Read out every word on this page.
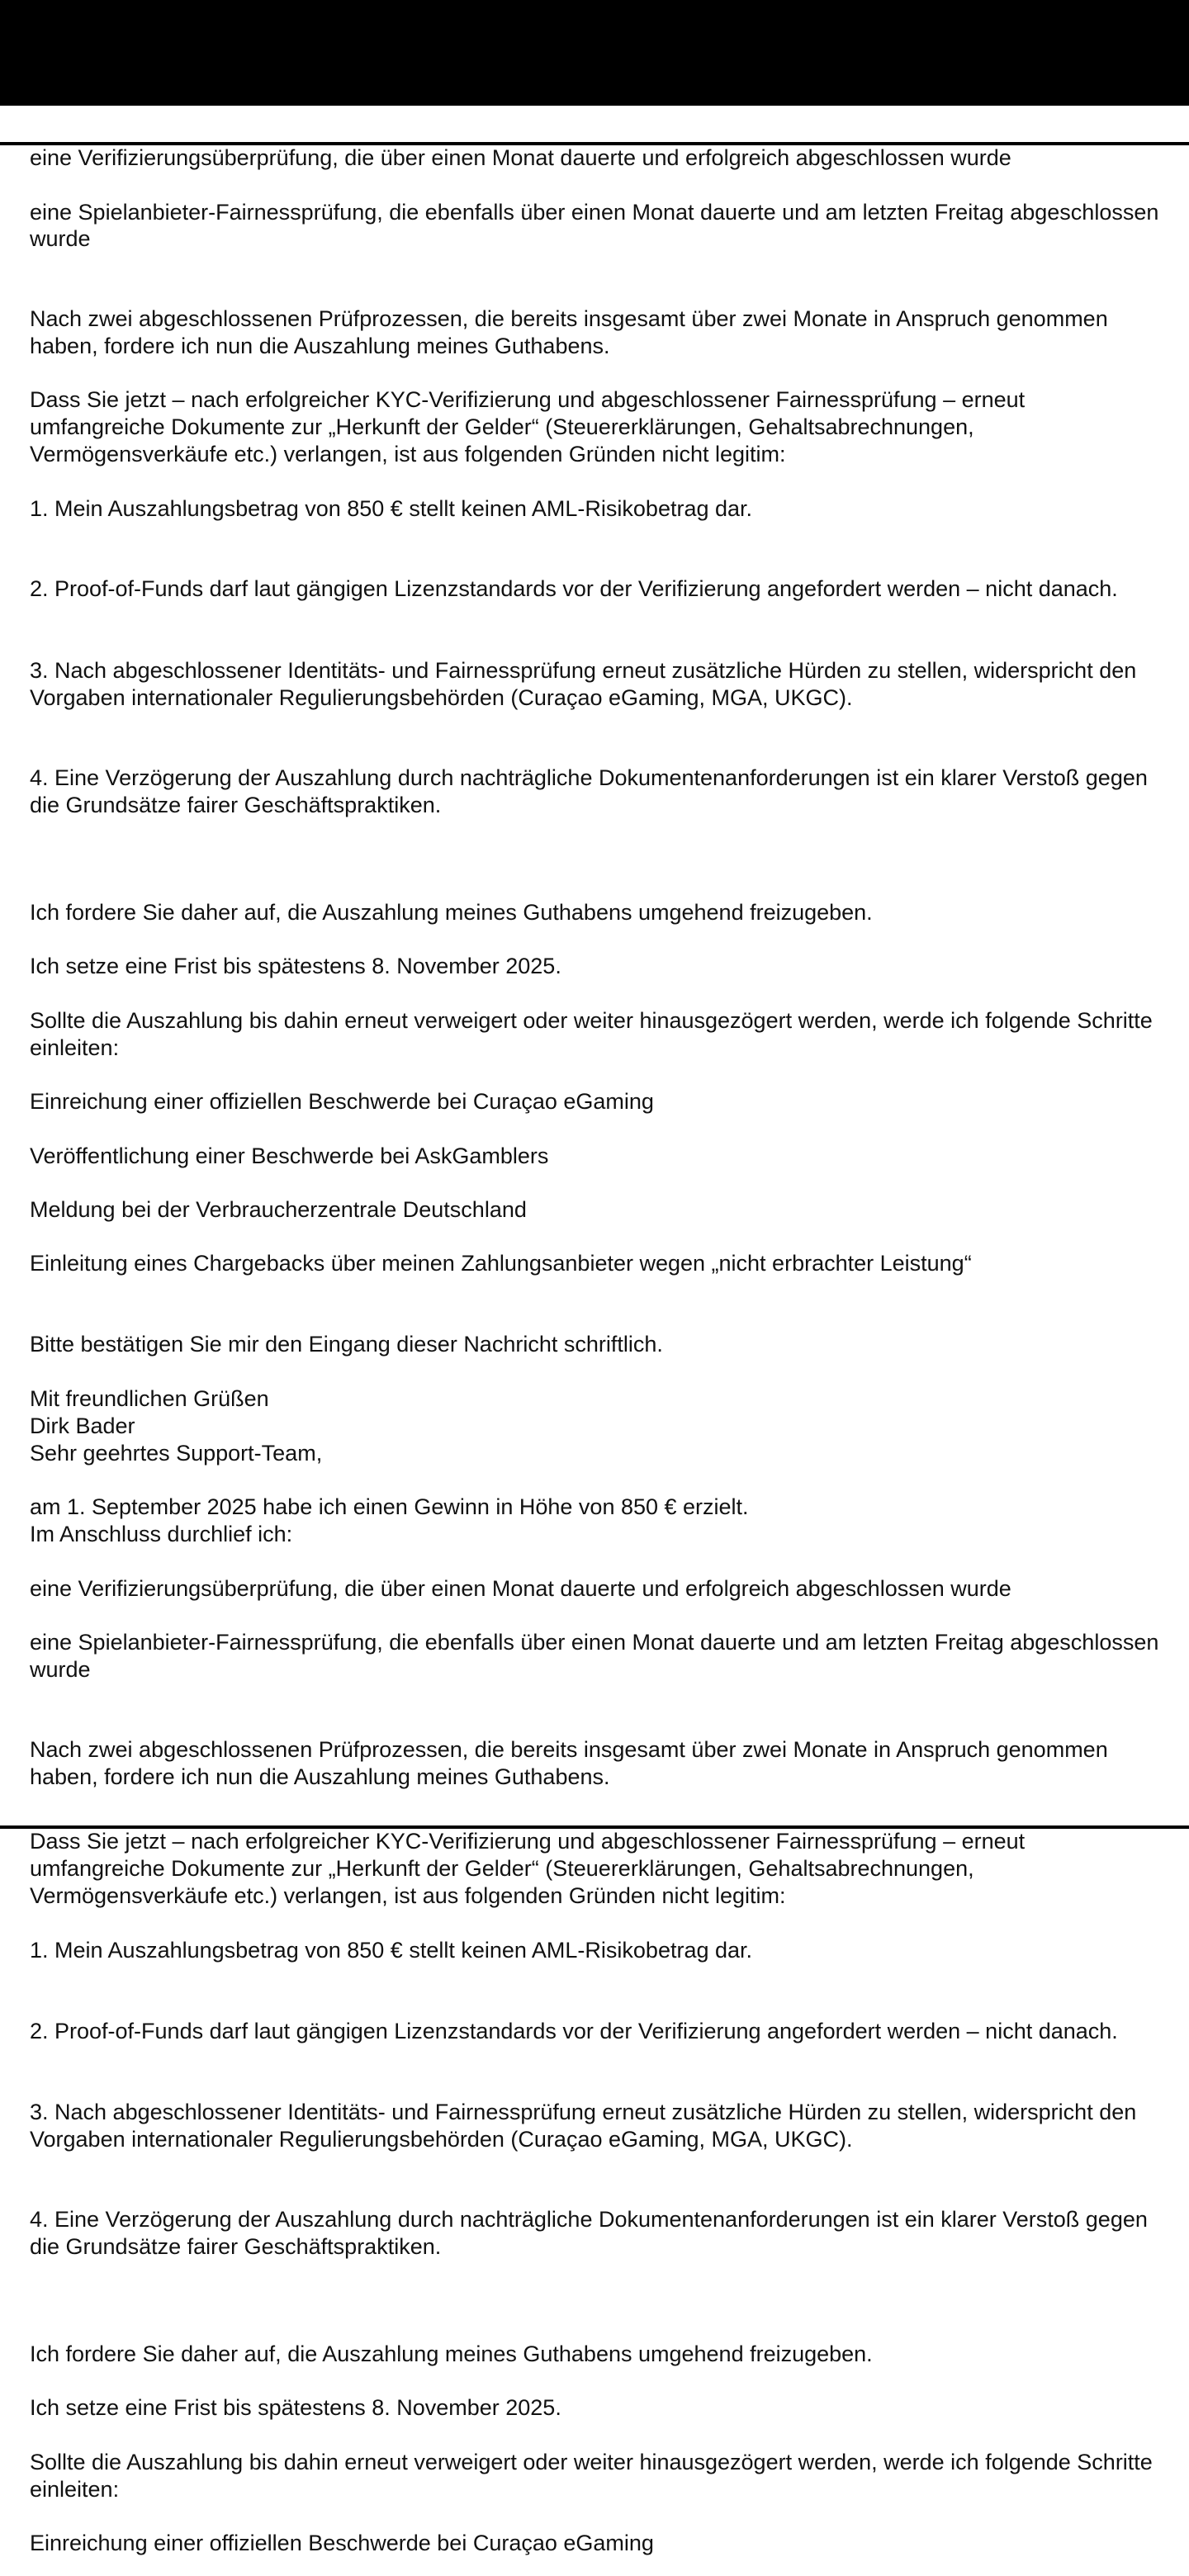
eine Verifizierungsüberprüfung, die über einen Monat dauerte und erfolgreich abgeschlossen wurde
eine Spielanbieter-Fairnessprüfung, die ebenfalls über einen Monat dauerte und am letzten Freitag abgeschlossen
wurde
Nach zwei abgeschlossenen Prüfprozessen, die bereits insgesamt über zwei Monate in Anspruch genommen
haben, fordere ich nun die Auszahlung meines Guthabens.
Dass Sie jetzt – nach erfolgreicher KYC-Verifizierung und abgeschlossener Fairnessprüfung – erneut
umfangreiche Dokumente zur „Herkunft der Gelder“ (Steuererklärungen, Gehaltsabrechnungen,
Vermögensverkäufe etc.) verlangen, ist aus folgenden Gründen nicht legitim:
1. Mein Auszahlungsbetrag von 850 € stellt keinen AML-Risikobetrag dar.
2. Proof-of-Funds darf laut gängigen Lizenzstandards vor der Verifizierung angefordert werden – nicht danach.
3. Nach abgeschlossener Identitäts- und Fairnessprüfung erneut zusätzliche Hürden zu stellen, widerspricht den
Vorgaben internationaler Regulierungsbehörden (Curaçao eGaming, MGA, UKGC).
4. Eine Verzögerung der Auszahlung durch nachträgliche Dokumentenanforderungen ist ein klarer Verstoß gegen
die Grundsätze fairer Geschäftspraktiken.
Ich fordere Sie daher auf, die Auszahlung meines Guthabens umgehend freizugeben.
Ich setze eine Frist bis spätestens 8. November 2025.
Sollte die Auszahlung bis dahin erneut verweigert oder weiter hinausgezögert werden, werde ich folgende Schritte
einleiten:
Einreichung einer offiziellen Beschwerde bei Curaçao eGaming
Veröffentlichung einer Beschwerde bei AskGamblers
Meldung bei der Verbraucherzentrale Deutschland
Einleitung eines Chargebacks über meinen Zahlungsanbieter wegen „nicht erbrachter Leistung“
Bitte bestätigen Sie mir den Eingang dieser Nachricht schriftlich.
Mit freundlichen Grüßen
Dirk Bader
Sehr geehrtes Support-Team,
am 1. September 2025 habe ich einen Gewinn in Höhe von 850 € erzielt.
Im Anschluss durchlief ich:
eine Verifizierungsüberprüfung, die über einen Monat dauerte und erfolgreich abgeschlossen wurde
eine Spielanbieter-Fairnessprüfung, die ebenfalls über einen Monat dauerte und am letzten Freitag abgeschlossen
wurde
Nach zwei abgeschlossenen Prüfprozessen, die bereits insgesamt über zwei Monate in Anspruch genommen
haben, fordere ich nun die Auszahlung meines Guthabens.
Dass Sie jetzt – nach erfolgreicher KYC-Verifizierung und abgeschlossener Fairnessprüfung – erneut
umfangreiche Dokumente zur „Herkunft der Gelder“ (Steuererklärungen, Gehaltsabrechnungen,
Vermögensverkäufe etc.) verlangen, ist aus folgenden Gründen nicht legitim:
1. Mein Auszahlungsbetrag von 850 € stellt keinen AML-Risikobetrag dar.
2. Proof-of-Funds darf laut gängigen Lizenzstandards vor der Verifizierung angefordert werden – nicht danach.
3. Nach abgeschlossener Identitäts- und Fairnessprüfung erneut zusätzliche Hürden zu stellen, widerspricht den
Vorgaben internationaler Regulierungsbehörden (Curaçao eGaming, MGA, UKGC).
4. Eine Verzögerung der Auszahlung durch nachträgliche Dokumentenanforderungen ist ein klarer Verstoß gegen
die Grundsätze fairer Geschäftspraktiken.
Ich fordere Sie daher auf, die Auszahlung meines Guthabens umgehend freizugeben.
Ich setze eine Frist bis spätestens 8. November 2025.
Sollte die Auszahlung bis dahin erneut verweigert oder weiter hinausgezögert werden, werde ich folgende Schritte
einleiten:
Einreichung einer offiziellen Beschwerde bei Curaçao eGaming
